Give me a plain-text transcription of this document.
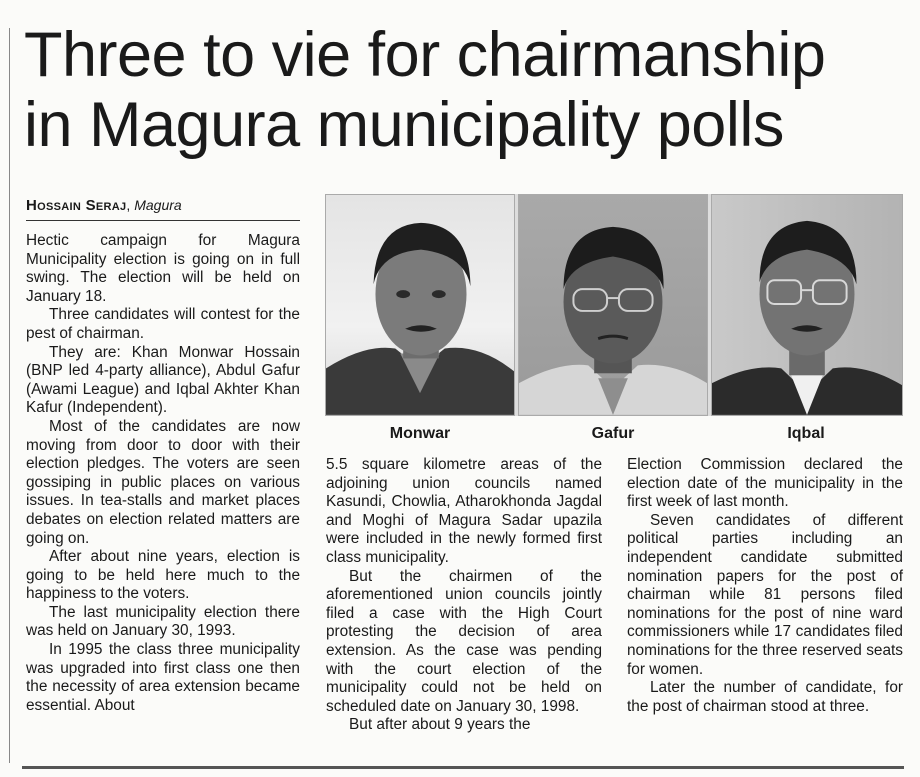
Three to vie for chairmanship
in Magura municipality polls
Hossain Seraj, Magura

Hectic campaign for Magura Municipality election is going on in full swing. The election will be held on January 18.

Three candidates will contest for the pest of chairman.

They are: Khan Monwar Hossain (BNP led 4-party alliance), Abdul Gafur (Awami League) and Iqbal Akhter Khan Kafur (Independent).

Most of the candidates are now moving from door to door with their election pledges. The voters are seen gossiping in public places on various issues. In tea-stalls and market places debates on election related matters are going on.

After about nine years, election is going to be held here much to the happiness to the voters.

The last municipality election there was held on January 30, 1993.

In 1995 the class three municipality was upgraded into first class one then the necessity of area extension became essential. About

Monwar	Gafur	Iqbal

5.5 square kilometre areas of the adjoining union councils named Kasundi, Chowlia, Atharokhonda Jagdal and Moghi of Magura Sadar upazila were included in the newly formed first class municipality.

But the chairmen of the aforementioned union councils jointly filed a case with the High Court protesting the decision of area extension. As the case was pending with the court election of the municipality could not be held on scheduled date on January 30, 1998.

But after about 9 years the

Election Commission declared the election date of the municipality in the first week of last month.

Seven candidates of different political parties including an independent candidate submitted nomination papers for the post of chairman while 81 persons filed nominations for the post of nine ward commissioners while 17 candidates filed nominations for the three reserved seats for women.

Later the number of candidate, for the post of chairman stood at three.
